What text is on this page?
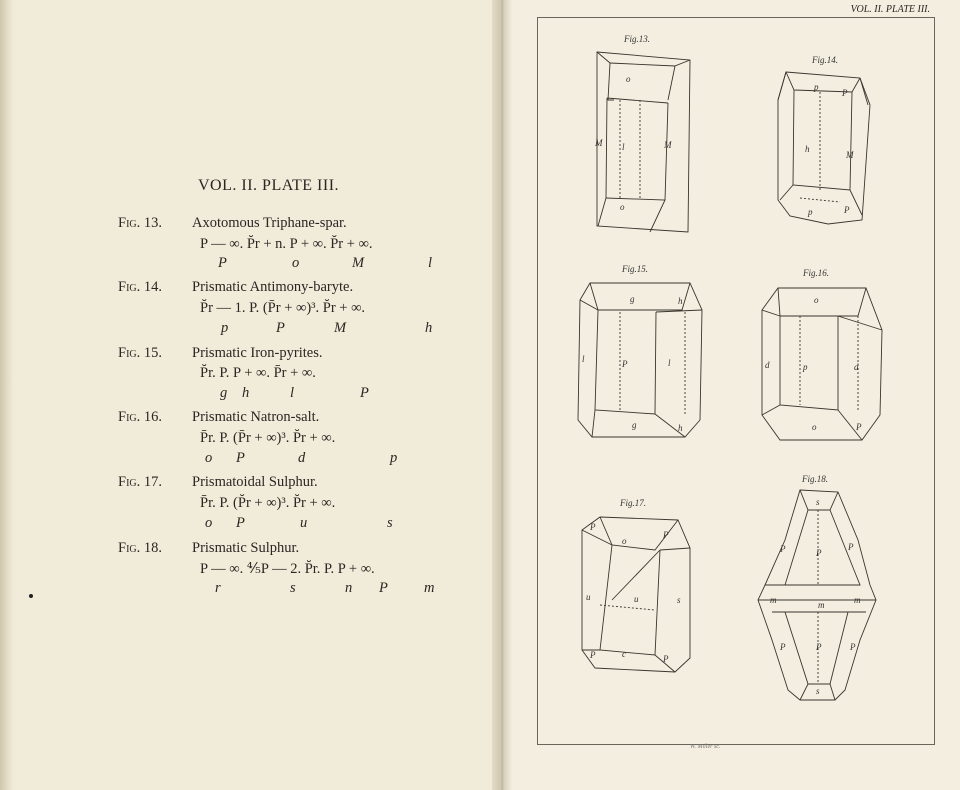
VOL. II. PLATE III.
Fig. 13. Axotomous Triphane-spar.
P — ∞. P̆r + n. P + ∞. P̆r + ∞.
P	o	M	l
Fig. 14. Prismatic Antimony-baryte.
P̆r — 1. P. (P̄r + ∞)³. P̆r + ∞.
p	P	M	h
Fig. 15. Prismatic Iron-pyrites.
P̆r. P. P + ∞. P̄r + ∞.
g h	l	P
Fig. 16. Prismatic Natron-salt.
P̄r. P. (P̄r + ∞)³. P̆r + ∞.
o P	d	p
Fig. 17. Prismatoidal Sulphur.
P̄r. P. (P̆r + ∞)³. P̆r + ∞.
o P	u	s
Fig. 18. Prismatic Sulphur.
P — ∞. ⅘P — 2. P̆r. P. P + ∞.
r	s	n P m
VOL. II. PLATE III.
Fig.13.
Fig.14.
Fig.15.	Fig.16.
Fig.17.
Fig.18.
o
l
M	M
o
p
P
h
M
p	P
g	h
l	P	l
g	h
o
d	p	d
o	P
P
o
P
u	u	s
P	c	P
s
P	P
P
m	m	m
P	P	P
s
W. Miller sc.
